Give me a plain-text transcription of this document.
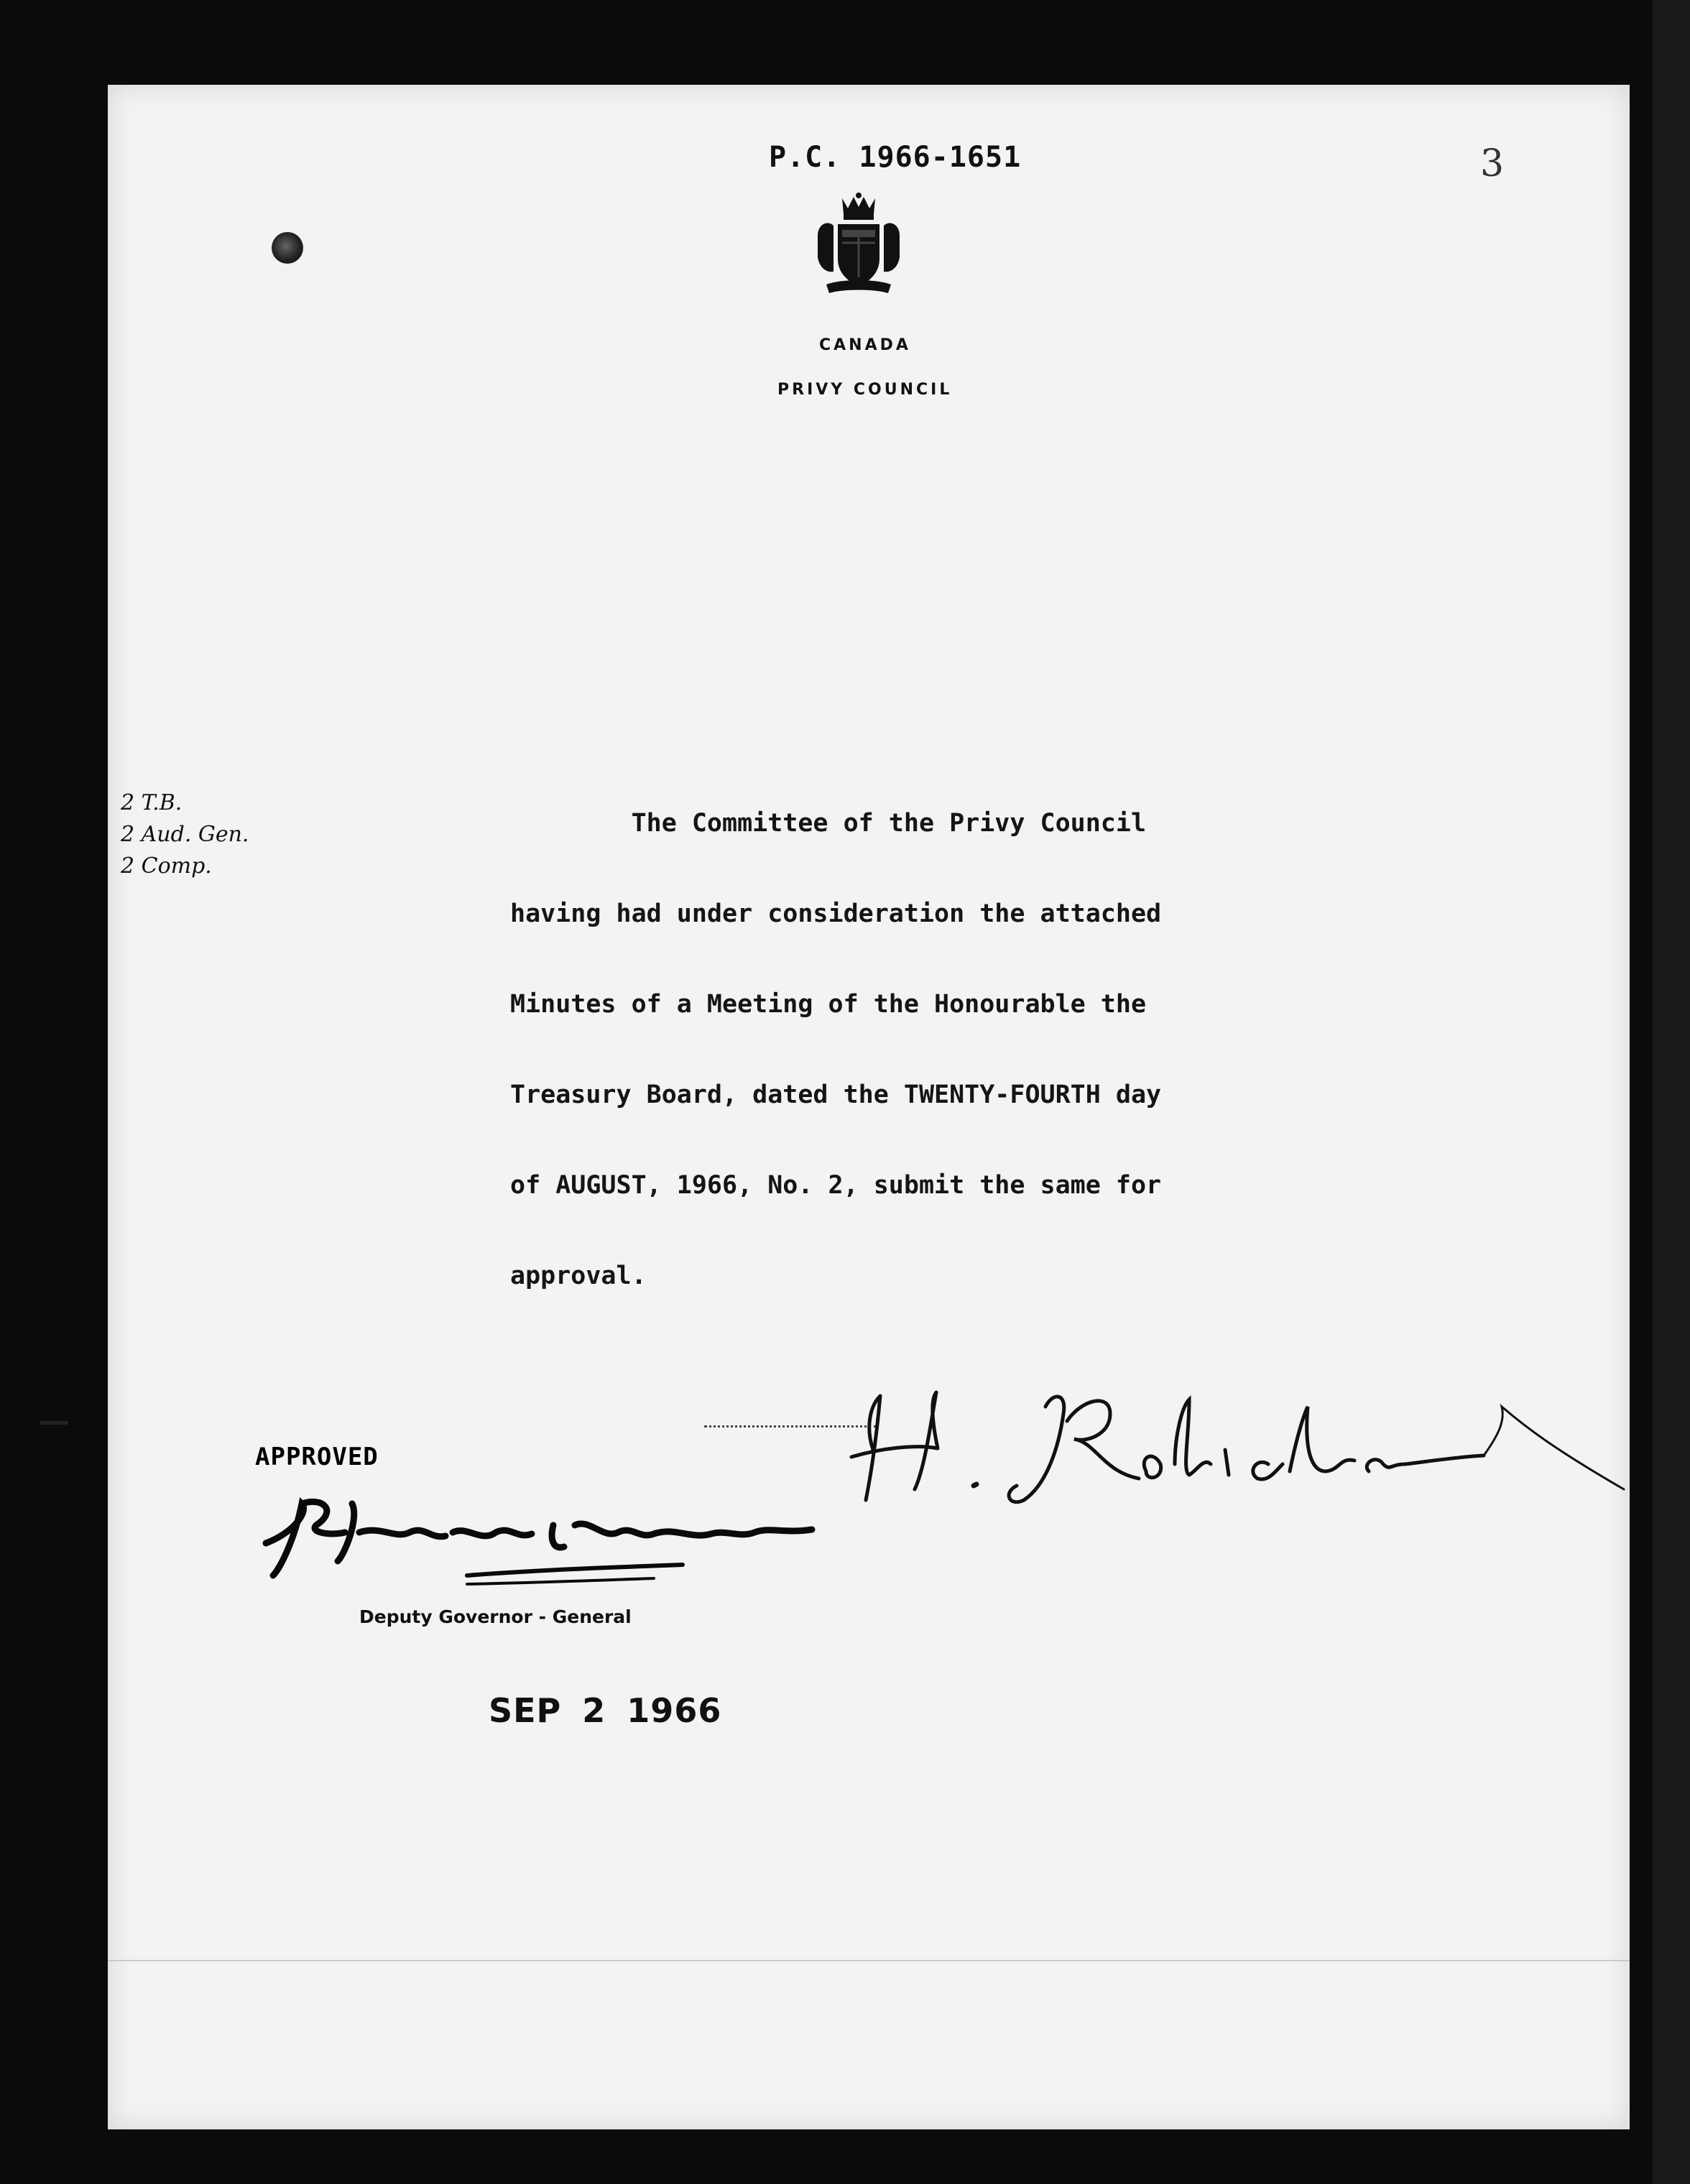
P.C. 1966-1651	3
CANADA
PRIVY COUNCIL
2 T.B.
2 Aud. Gen.
2 Comp.
The Committee of the Privy Council
having had under consideration the attached
Minutes of a Meeting of the Honourable the
Treasury Board, dated the TWENTY-FOURTH day
of AUGUST, 1966, No. 2, submit the same for
approval.
APPROVED
Deputy Governor - General
SEP 2 1966
